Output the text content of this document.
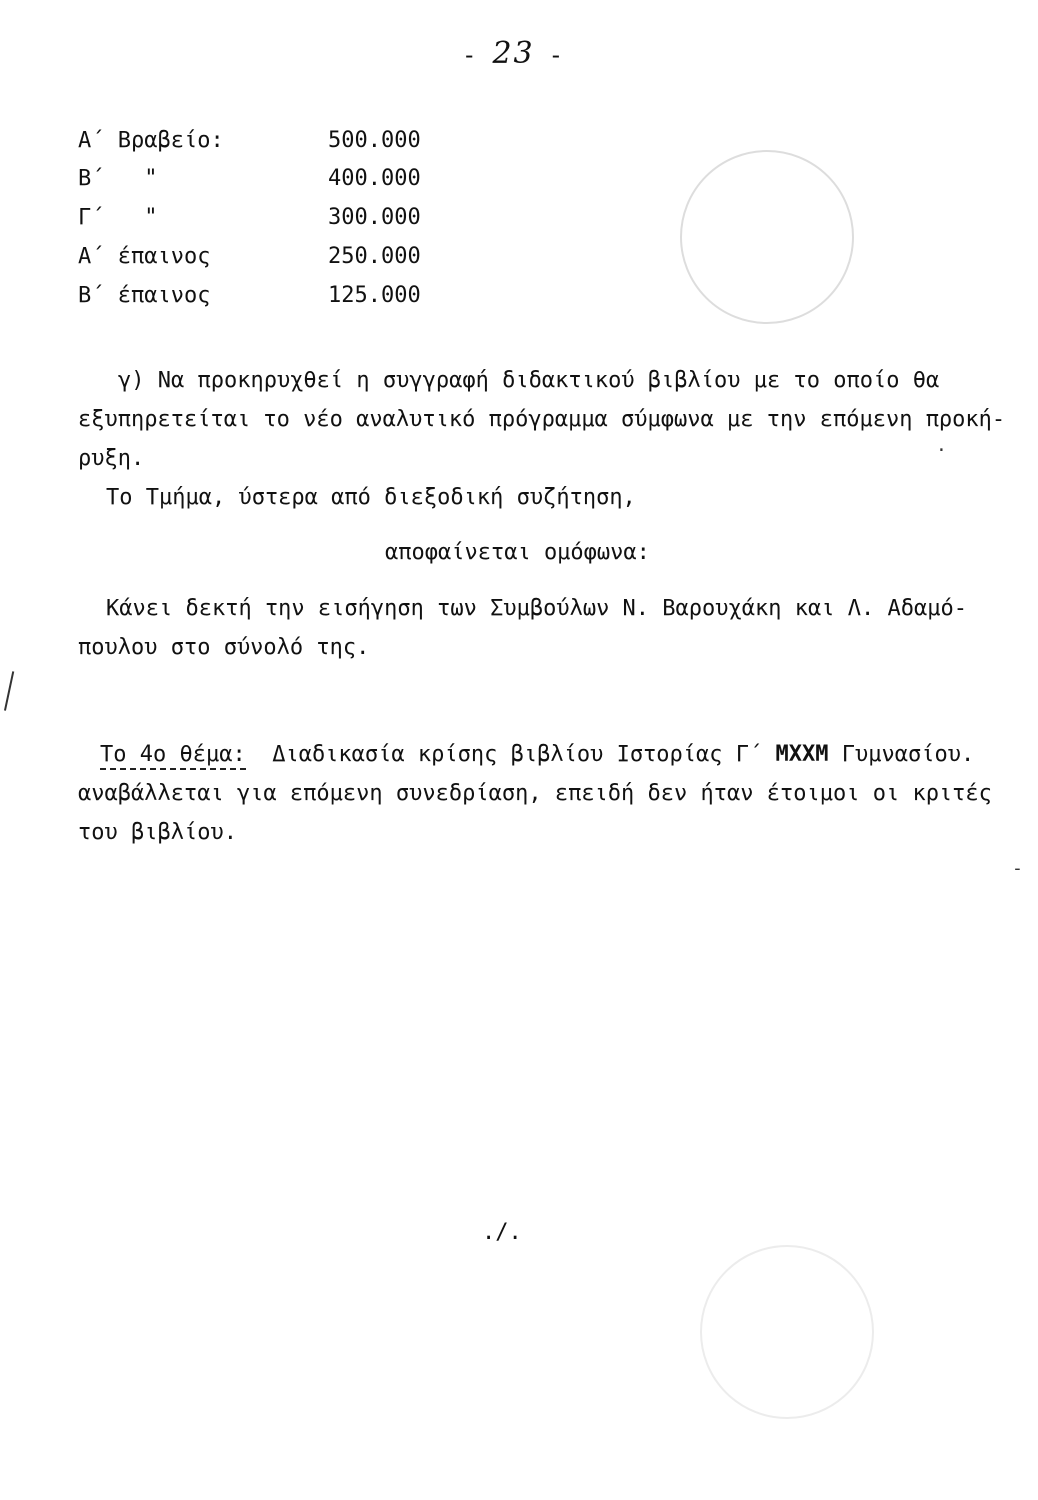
- 23 -
Α΄ Βραβείο:	500.000
Β΄   "	400.000
Γ΄   "	300.000
Α΄ έπαινος	250.000
Β΄ έπαινος	125.000
γ) Να προκηρυχθεί η συγγραφή διδακτικού βιβλίου με το οποίο θα
εξυπηρετείται το νέο αναλυτικό πρόγραμμα σύμφωνα με την επόμενη προκή-
ρυξη.
Το Τμήμα, ύστερα από διεξοδική συζήτηση,
αποφαίνεται ομόφωνα:
Κάνει δεκτή την εισήγηση των Συμβούλων Ν. Βαρουχάκη και Λ. Αδαμό-
πουλου στο σύνολό της.
Το 4ο θέμα: Διαδικασία κρίσης βιβλίου Ιστορίας Γ΄ ΜΧΧΜ Γυμνασίου.
αναβάλλεται για επόμενη συνεδρίαση, επειδή δεν ήταν έτοιμοι οι κριτές
του βιβλίου.
./.
·
-
